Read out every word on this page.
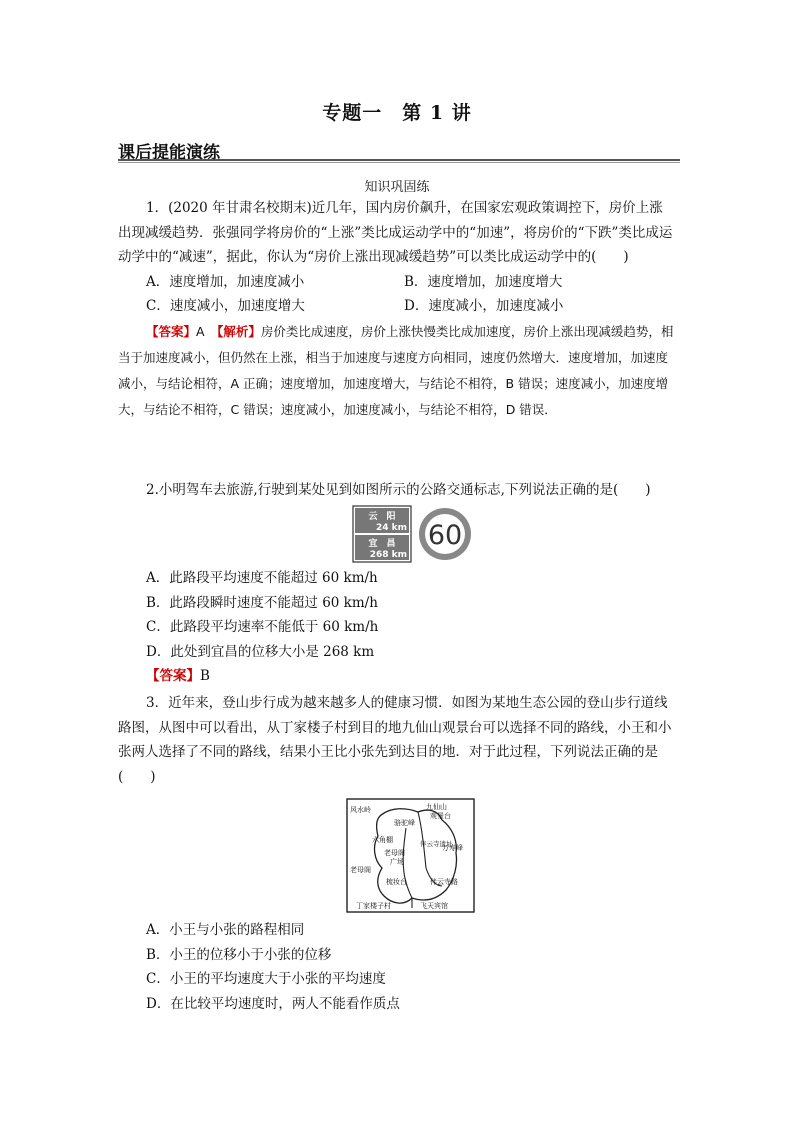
专题一　第 1 讲
课后提能演练
知识巩固练

1．(2020 年甘肃名校期末)近几年，国内房价飙升，在国家宏观政策调控下，房价上涨出现减缓趋势．张强同学将房价的“上涨”类比成运动学中的“加速”，将房价的“下跌”类比成运动学中的“减速”，据此，你认为“房价上涨出现减缓趋势”可以类比成运动学中的(　　)

A．速度增加，加速度减小	B．速度增加，加速度增大
C．速度减小，加速度增大	D．速度减小，加速度减小

【答案】A　 【解析】房价类比成速度，房价上涨快慢类比成加速度，房价上涨出现减缓趋势，相当于加速度减小，但仍然在上涨，相当于加速度与速度方向相同，速度仍然增大．速度增加，加速度减小，与结论相符，A 正确；速度增加，加速度增大，与结论不相符，B 错误；速度减小，加速度增大，与结论不相符，C 错误；速度减小，加速度减小，与结论不相符，D 错误．

2.小明驾车去旅游,行驶到某处见到如图所示的公路交通标志,下列说法正确的是(　　)

云　阳
24 km
宜　昌
268 km
60

A．此路段平均速度不能超过 60 km/h

B．此路段瞬时速度不能超过 60 km/h

C．此路段平均速率不能低于 60 km/h

D．此处到宜昌的位移大小是 268 km

【答案】B

3．近年来，登山步行成为越来越多人的健康习惯．如图为某地生态公园的登山步行道线路图，从图中可以看出，从丁家楼子村到目的地九仙山观景台可以选择不同的路线，小王和小张两人选择了不同的路线，结果小王比小张先到达目的地．对于此过程，下列说法正确的是(　　)

风水岭	九仙山
观景台
骆驼峰
六角棚
老母阁
广场
伴云寺遗址
万寿峰
老母阁
梳妆台	伴云寺路
丁家楼子村	飞天宾馆

A．小王与小张的路程相同

B．小王的位移小于小张的位移

C．小王的平均速度大于小张的平均速度

D．在比较平均速度时，两人不能看作质点
